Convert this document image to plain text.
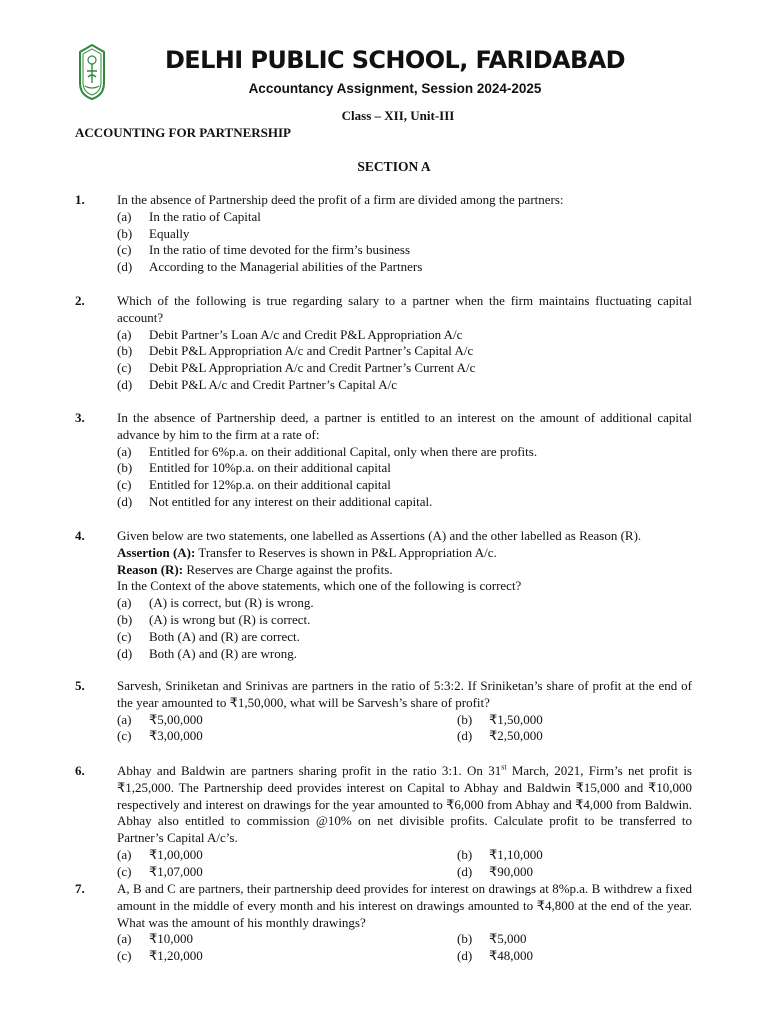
DELHI PUBLIC SCHOOL, FARIDABAD
Accountancy Assignment, Session 2024-2025
Class – XII, Unit-III
ACCOUNTING FOR PARTNERSHIP
SECTION A
1. In the absence of Partnership deed the profit of a firm are divided among the partners:
(a) In the ratio of Capital
(b) Equally
(c) In the ratio of time devoted for the firm’s business
(d) According to the Managerial abilities of the Partners
2. Which of the following is true regarding salary to a partner when the firm maintains fluctuating capital account?
(a) Debit Partner’s Loan A/c and Credit P&L Appropriation A/c
(b) Debit P&L Appropriation A/c and Credit Partner’s Capital A/c
(c) Debit P&L Appropriation A/c and Credit Partner’s Current A/c
(d) Debit P&L A/c and Credit Partner’s Capital A/c
3. In the absence of Partnership deed, a partner is entitled to an interest on the amount of additional capital advance by him to the firm at a rate of:
(a) Entitled for 6%p.a. on their additional Capital, only when there are profits.
(b) Entitled for 10%p.a. on their additional capital
(c) Entitled for 12%p.a. on their additional capital
(d) Not entitled for any interest on their additional capital.
4. Given below are two statements, one labelled as Assertions (A) and the other labelled as Reason (R).
Assertion (A): Transfer to Reserves is shown in P&L Appropriation A/c.
Reason (R): Reserves are Charge against the profits.
In the Context of the above statements, which one of the following is correct?
(a) (A) is correct, but (R) is wrong.
(b) (A) is wrong but (R) is correct.
(c) Both (A) and (R) are correct.
(d) Both (A) and (R) are wrong.
5. Sarvesh, Sriniketan and Srinivas are partners in the ratio of 5:3:2. If Sriniketan’s share of profit at the end of the year amounted to ₹1,50,000, what will be Sarvesh’s share of profit?
(a) ₹5,00,000	(b) ₹1,50,000
(c) ₹3,00,000	(d) ₹2,50,000
6. Abhay and Baldwin are partners sharing profit in the ratio 3:1. On 31st March, 2021, Firm’s net profit is ₹1,25,000. The Partnership deed provides interest on Capital to Abhay and Baldwin ₹15,000 and ₹10,000 respectively and interest on drawings for the year amounted to ₹6,000 from Abhay and ₹4,000 from Baldwin. Abhay also entitled to commission @10% on net divisible profits. Calculate profit to be transferred to Partner’s Capital A/c’s.
(a) ₹1,00,000	(b) ₹1,10,000
(c) ₹1,07,000	(d) ₹90,000
7. A, B and C are partners, their partnership deed provides for interest on drawings at 8%p.a. B withdrew a fixed amount in the middle of every month and his interest on drawings amounted to ₹4,800 at the end of the year. What was the amount of his monthly drawings?
(a) ₹10,000	(b) ₹5,000
(c) ₹1,20,000	(d) ₹48,000
